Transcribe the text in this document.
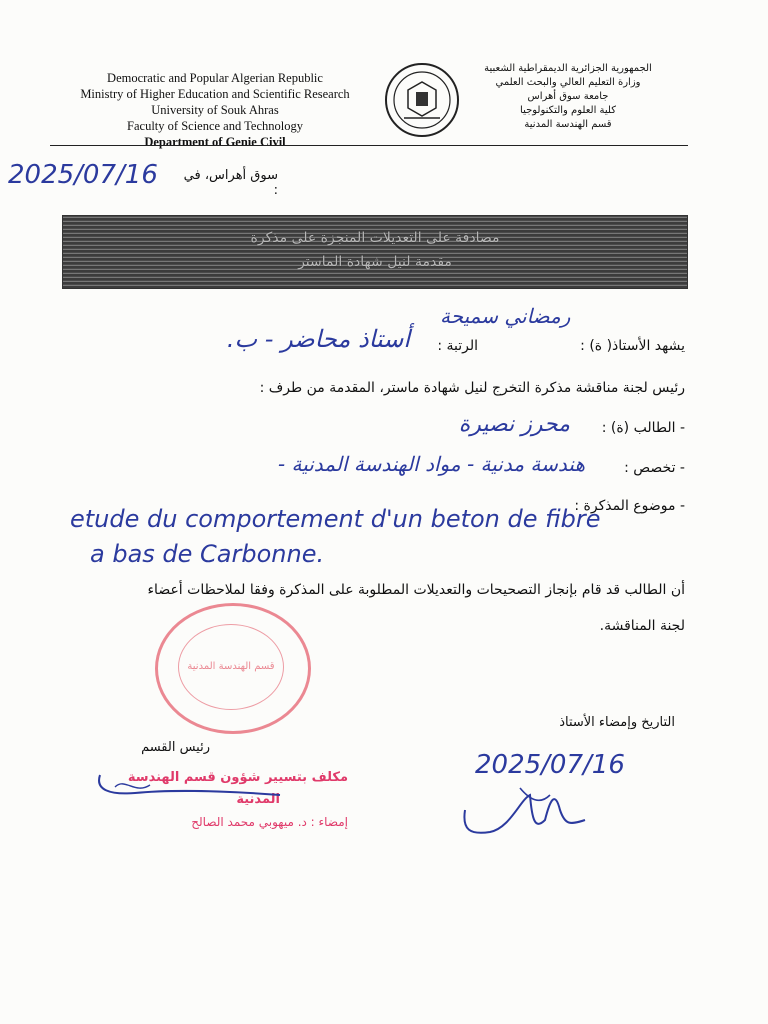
Democratic and Popular Algerian Republic
Ministry of Higher Education and Scientific Research
University of Souk Ahras
Faculty of Science and Technology
Department of Genie Civil
الجمهورية الجزائرية الديمقراطية الشعبية
وزارة التعليم العالي والبحث العلمي
جامعة سوق أهراس
كلية العلوم والتكنولوجيا
قسم الهندسة المدنية
سوق أهراس، في :
2025/07/16
مصادقة على التعديلات المنجزة على مذكرة
مقدمة لنيل شهادة الماستر
رمضاني سميحة
يشهد الأستاذ( ة) :
الرتبة :
أستاذ محاضر - ب.
رئيس لجنة مناقشة مذكرة التخرج لنيل شهادة ماستر، المقدمة من طرف :
- الطالب (ة) :
محرز نصيرة
- تخصص :
هندسة مدنية - مواد الهندسة المدنية -
- موضوع المذكرة :
etude du comportement d'un beton de fibre
a bas de Carbonne.
أن الطالب قد قام بإنجاز التصحيحات والتعديلات المطلوبة على المذكرة وفقا لملاحظات أعضاء
لجنة المناقشة.
قسم الهندسة المدنية
التاريخ وإمضاء الأستاذ
رئيس القسم
2025/07/16
مكلف بتسيير شؤون قسم الهندسة
المدنية
إمضاء : د. ميهوبي محمد الصالح
